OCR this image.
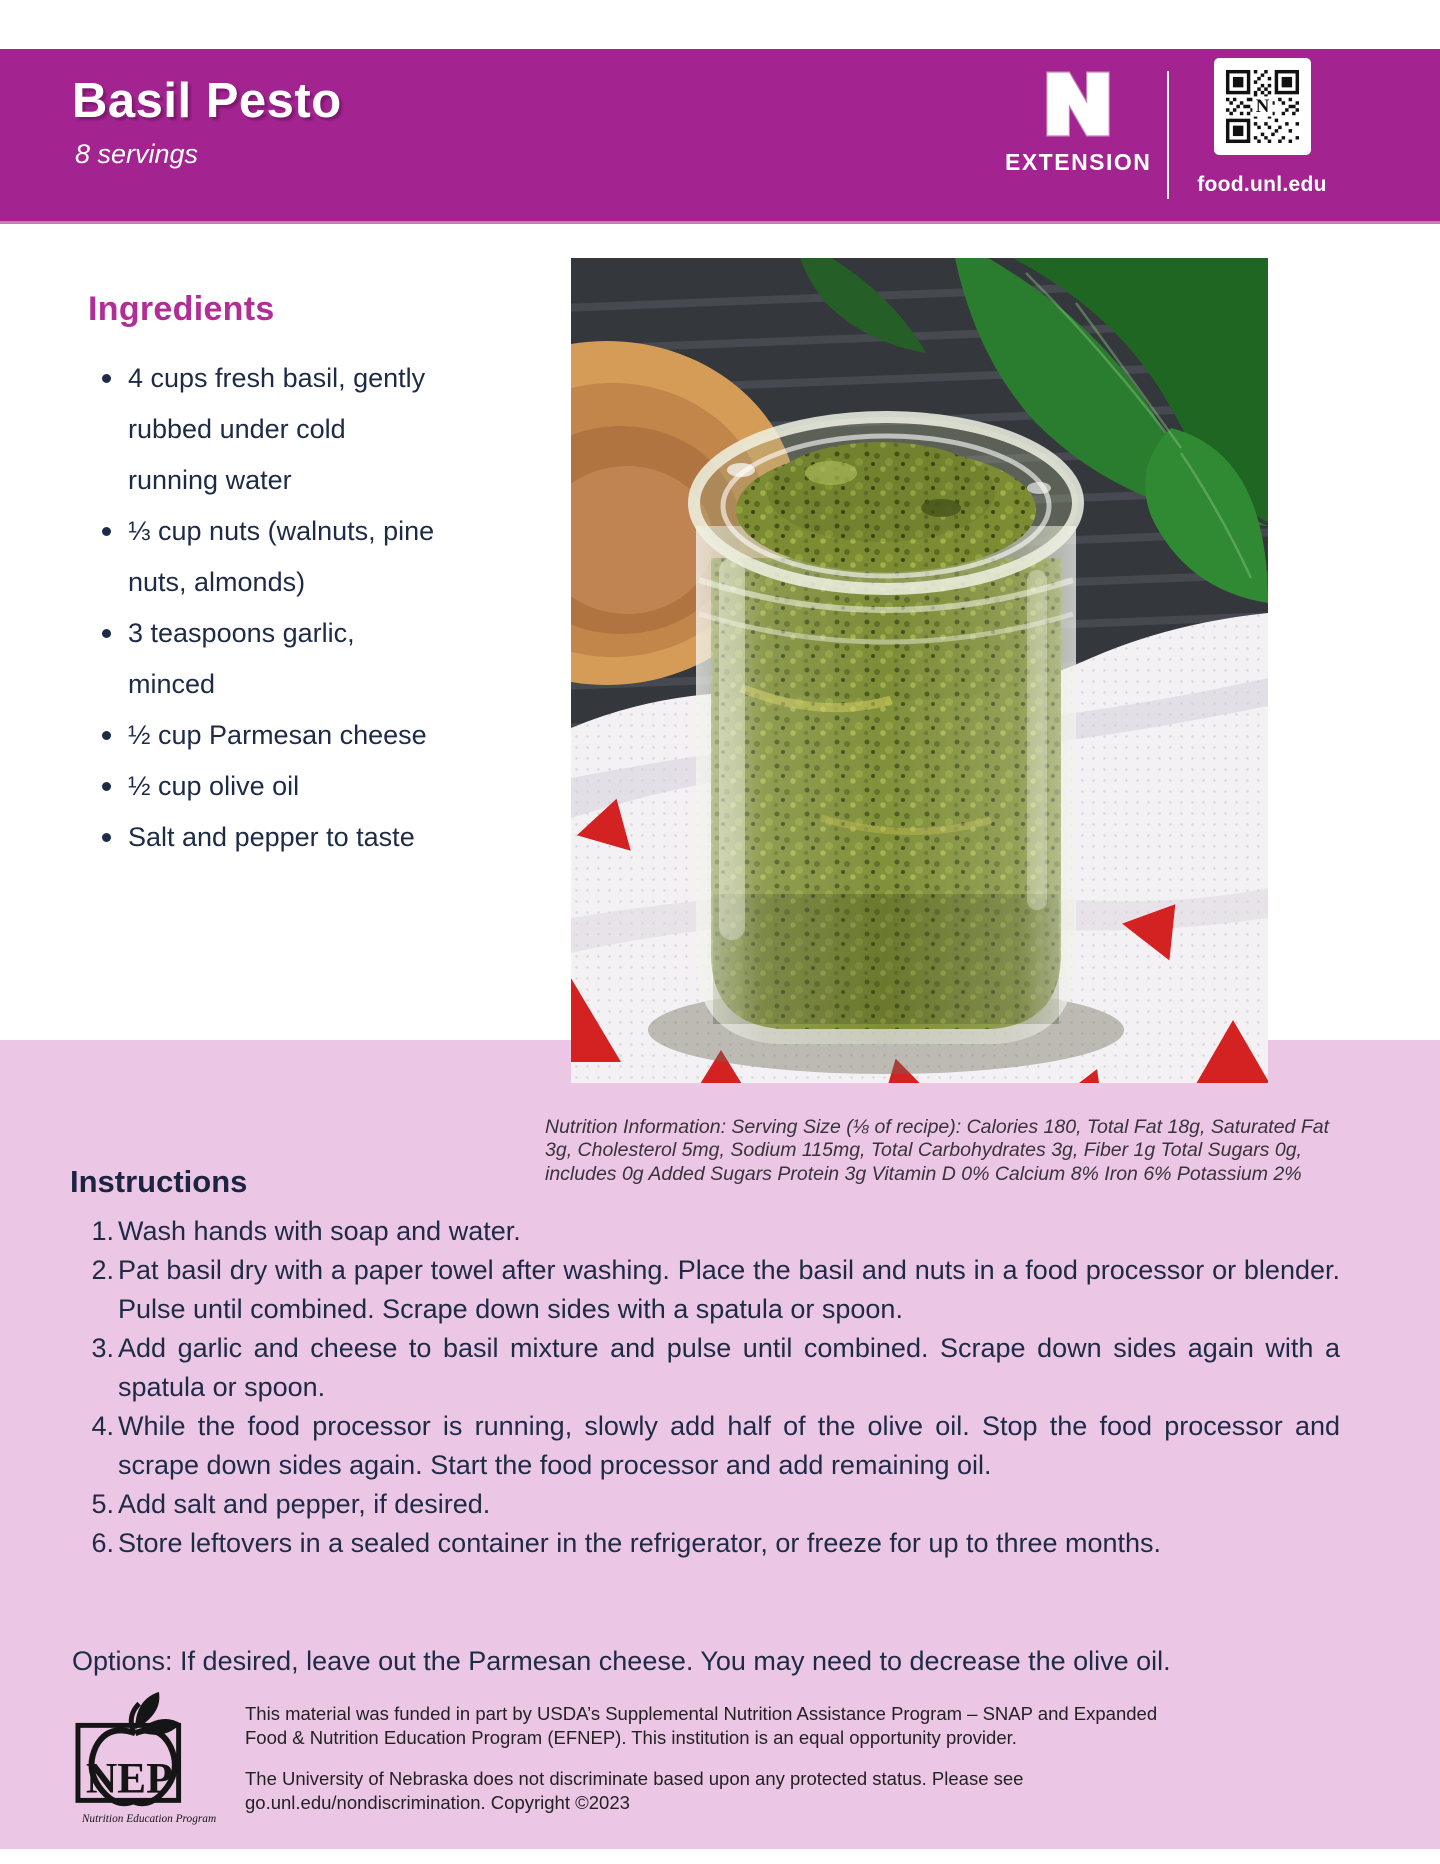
Basil Pesto
8 servings	EXTENSION
N
food.unl.edu
Ingredients
4 cups fresh basil, gently rubbed under cold running water
⅓ cup nuts (walnuts, pine nuts, almonds)
3 teaspoons garlic, minced
½ cup Parmesan cheese
½ cup olive oil
Salt and pepper to taste

Nutrition Information: Serving Size (⅛ of recipe): Calories 180, Total Fat 18g, Saturated Fat 3g, Cholesterol 5mg, Sodium 115mg, Total Carbohydrates 3g, Fiber 1g Total Sugars 0g, includes 0g Added Sugars Protein 3g Vitamin D 0% Calcium 8% Iron 6% Potassium 2%

Instructions
Wash hands with soap and water.
Pat basil dry with a paper towel after washing. Place the basil and nuts in a food processor or blender. Pulse until combined. Scrape down sides with a spatula or spoon.
Add garlic and cheese to basil mixture and pulse until combined. Scrape down sides again with a spatula or spoon.
While the food processor is running, slowly add half of the olive oil. Stop the food processor and scrape down sides again. Start the food processor and add remaining oil.
Add salt and pepper, if desired.
Store leftovers in a sealed container in the refrigerator, or freeze for up to three months.

Options: If desired, leave out the Parmesan cheese. You may need to decrease the olive oil.

NEP
Nutrition Education Program

This material was funded in part by USDA’s Supplemental Nutrition Assistance Program – SNAP and Expanded Food & Nutrition Education Program (EFNEP). This institution is an equal opportunity provider.

The University of Nebraska does not discriminate based upon any protected status. Please see go.unl.edu/nondiscrimination. Copyright ©2023
